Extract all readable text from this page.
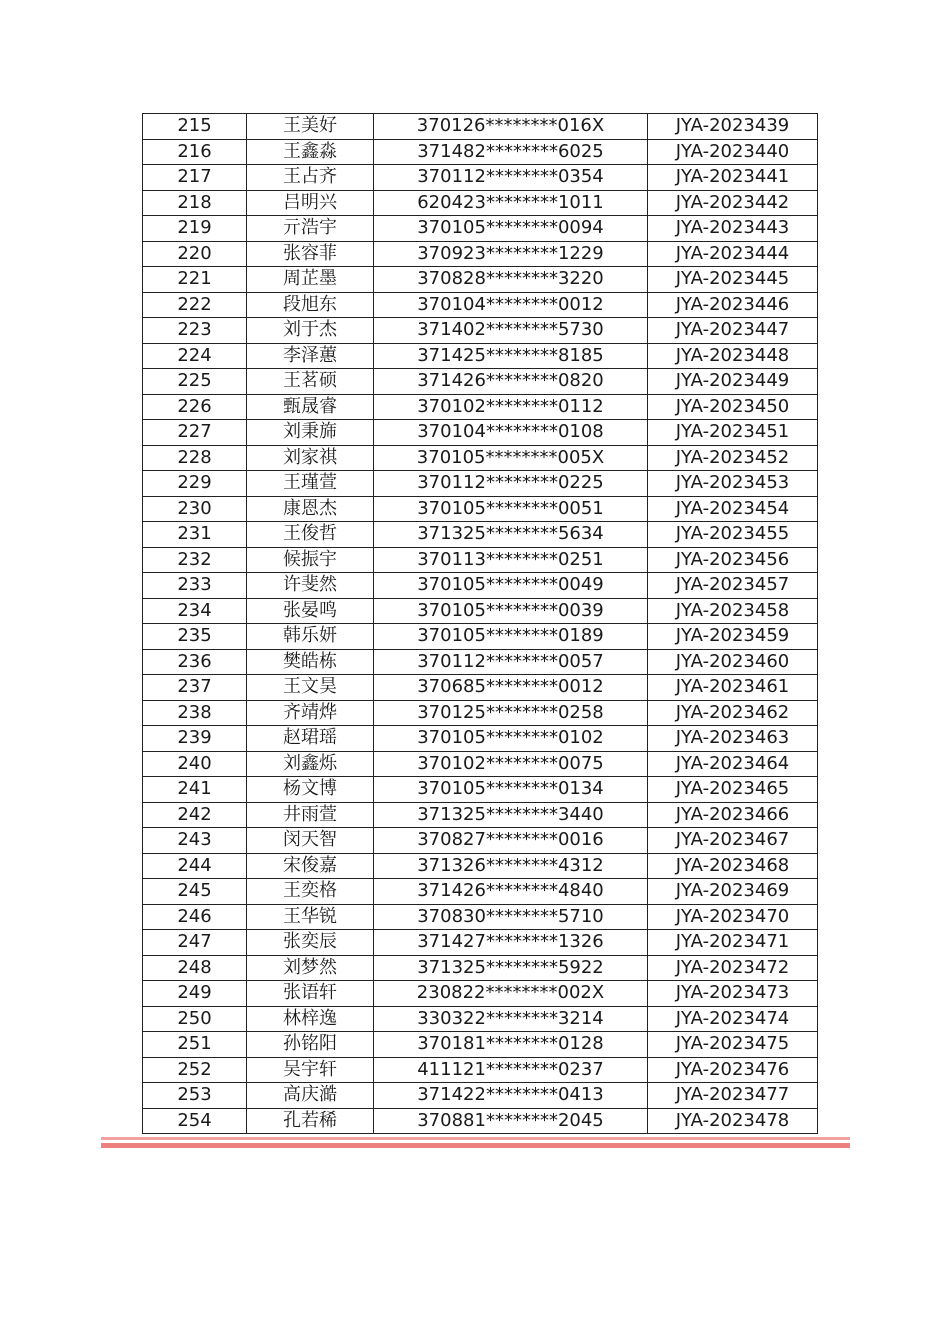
215	王美好	370126********016X	JYA-2023439
216	王鑫淼	371482********6025	JYA-2023440
217	王占齐	370112********0354	JYA-2023441
218	吕明兴	620423********1011	JYA-2023442
219	亓浩宇	370105********0094	JYA-2023443
220	张容菲	370923********1229	JYA-2023444
221	周芷墨	370828********3220	JYA-2023445
222	段旭东	370104********0012	JYA-2023446
223	刘于杰	371402********5730	JYA-2023447
224	李泽蕙	371425********8185	JYA-2023448
225	王茗硕	371426********0820	JYA-2023449
226	甄晟睿	370102********0112	JYA-2023450
227	刘秉旆	370104********0108	JYA-2023451
228	刘家祺	370105********005X	JYA-2023452
229	王瑾萱	370112********0225	JYA-2023453
230	康恩杰	370105********0051	JYA-2023454
231	王俊哲	371325********5634	JYA-2023455
232	候振宇	370113********0251	JYA-2023456
233	许斐然	370105********0049	JYA-2023457
234	张晏鸣	370105********0039	JYA-2023458
235	韩乐妍	370105********0189	JYA-2023459
236	樊皓栋	370112********0057	JYA-2023460
237	王文昊	370685********0012	JYA-2023461
238	齐靖烨	370125********0258	JYA-2023462
239	赵珺瑶	370105********0102	JYA-2023463
240	刘鑫烁	370102********0075	JYA-2023464
241	杨文博	370105********0134	JYA-2023465
242	井雨萱	371325********3440	JYA-2023466
243	闵天智	370827********0016	JYA-2023467
244	宋俊嘉	371326********4312	JYA-2023468
245	王奕格	371426********4840	JYA-2023469
246	王华锐	370830********5710	JYA-2023470
247	张奕辰	371427********1326	JYA-2023471
248	刘梦然	371325********5922	JYA-2023472
249	张语轩	230822********002X	JYA-2023473
250	林梓逸	330322********3214	JYA-2023474
251	孙铭阳	370181********0128	JYA-2023475
252	吴宇轩	411121********0237	JYA-2023476
253	高庆澔	371422********0413	JYA-2023477
254	孔若稀	370881********2045	JYA-2023478
